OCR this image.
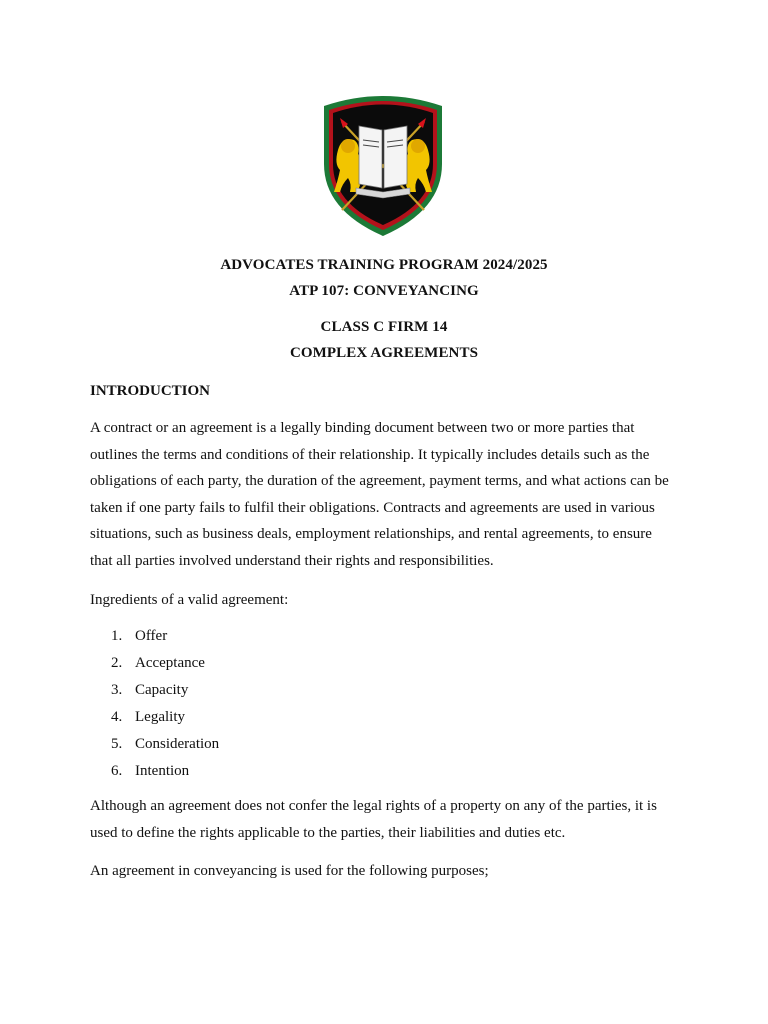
ADVOCATES TRAINING PROGRAM 2024/2025
ATP 107: CONVEYANCING
CLASS C FIRM 14
COMPLEX AGREEMENTS
INTRODUCTION
A contract or an agreement is a legally binding document between two or more parties that
outlines the terms and conditions of their relationship. It typically includes details such as the
obligations of each party, the duration of the agreement, payment terms, and what actions can be
taken if one party fails to fulfil their obligations. Contracts and agreements are used in various
situations, such as business deals, employment relationships, and rental agreements, to ensure
that all parties involved understand their rights and responsibilities.
Ingredients of a valid agreement:
1. Offer
2. Acceptance
3. Capacity
4. Legality
5. Consideration
6. Intention
Although an agreement does not confer the legal rights of a property on any of the parties, it is
used to define the rights applicable to the parties, their liabilities and duties etc.
An agreement in conveyancing is used for the following purposes;
